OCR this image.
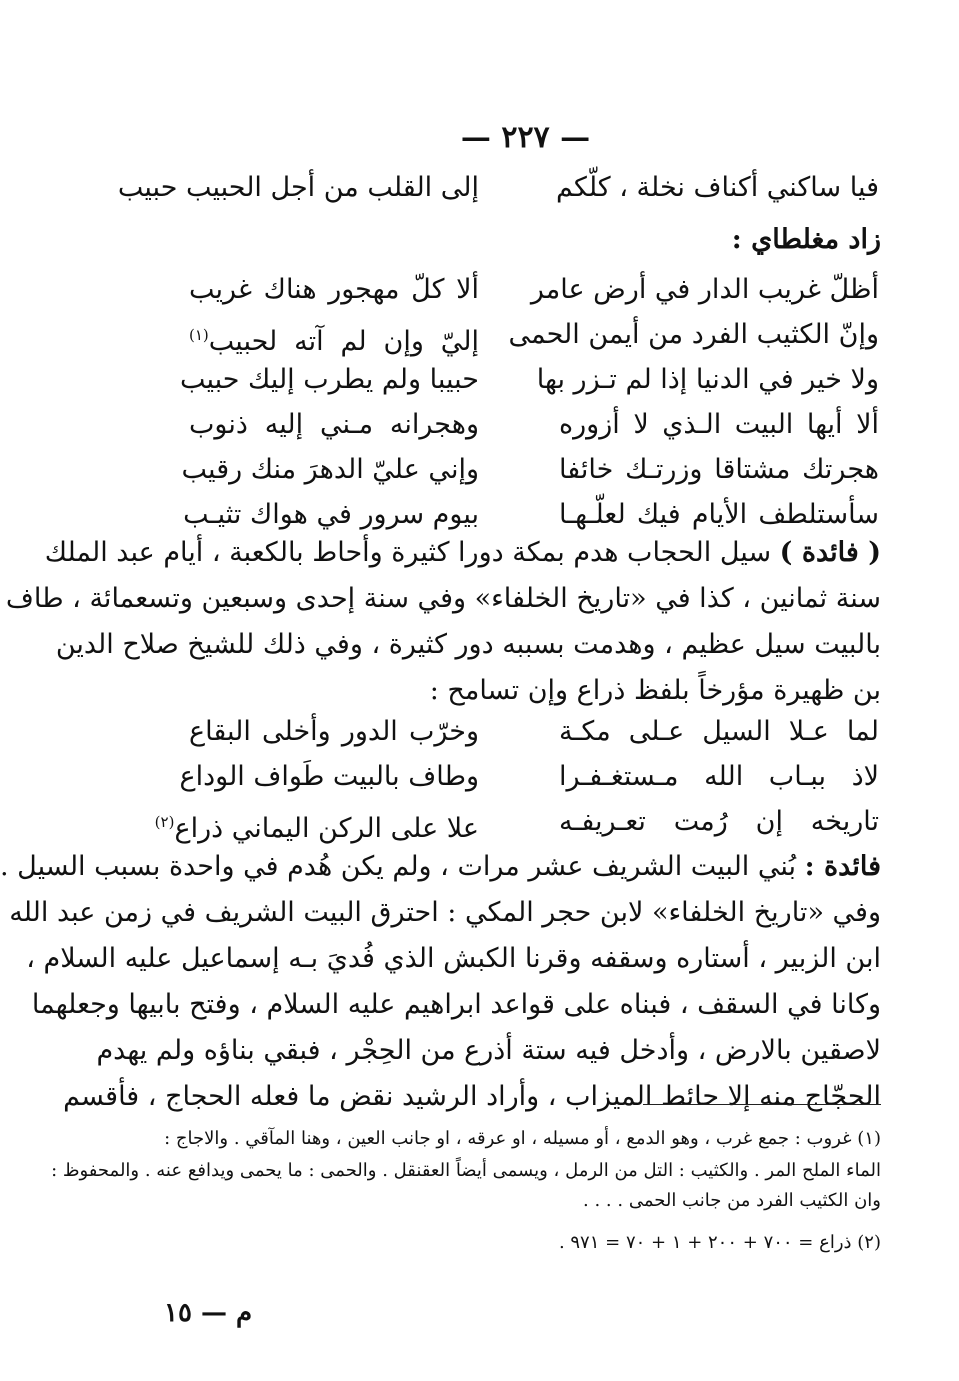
— ٢٢٧ —
فيا ساكني أكناف نخلة ، كلّكم
إلى القلب من أجل الحبيب حبيب
زاد مغلطاي :
أظلّ غريب الدار في أرض عامر
ألا كلّ مهجور هناك غريب
وإنّ الكثيب الفرد من أيمن الحمى
إليّ وإن لم آته لحبيب$^{(١)}$
ولا خير في الدنيا إذا لم تـزر بها
حبيبا ولم يطرب إليك حبيب
ألا أيها البيت الـذي لا أزوره
وهجرانه مـني إليه ذنوب
هجرتك مشتاقا وزرتـك خائفا
وإني عليّ الدهرَ منك رقيب
سأستلطف الأيام فيك لعلّـهـا
بيوم سرور في هواك تثيـب
( فائدة ) سيل الحجاب هدم بمكة دورا كثيرة وأحاط بالكعبة ، أيام عبد الملك
سنة ثمانين ، كذا في «تاريخ الخلفاء» وفي سنة إحدى وسبعين وتسعمائة ، طاف
بالبيت سيل عظيم ، وهدمت بسببه دور كثيرة ، وفي ذلك للشيخ صلاح الدين
بن ظهيرة مؤرخاً بلفظ ذراع وإن تسامح :
لما عـلا السيل عـلى مكـة
وخرّب الدور وأخلى البقاع
لاذ ببـاب الله مـستغـفـرا
وطاف بالبيت طَواف الوداع
تاريخه إن رُمت تعـريفـه
علا على الركن اليماني ذراع$^{(٢)}$
فائدة : بُني البيت الشريف عشر مرات ، ولم يكن هُدم في واحدة بسبب السيل .
وفي «تاريخ الخلفاء» لابن حجر المكي : احترق البيت الشريف في زمن عبد الله
ابن الزبير ، أستاره وسقفه وقرنا الكبش الذي فُديَ بـه إسماعيل عليه السلام ،
وكانا في السقف ، فبناه على قواعد ابراهيم عليه السلام ، وفتح بابيها وجعلهما
لاصقين بالارض ، وأدخل فيه ستة أذرع من الحِجْر ، فبقي بناؤه ولم يهدم
الحجّاج منه إلا حائط الميزاب ، وأراد الرشيد نقض ما فعله الحجاج ، فأقسم
(١) غروب : جمع غرب ، وهو الدمع ، أو مسيله ، او عرقه ، او جانب العين ، وهنا المآقي . والاجاج :
الماء الملح المر . والكثيب : التل من الرمل ، ويسمى أيضاً العقنقل . والحمى : ما يحمى ويدافع عنه . والمحفوظ :
وان الكثيب الفرد من جانب الحمى . . . .
(٢) ذراع = ٧٠٠ + ٢٠٠ + ١ + ٧٠ = ٩٧١ .
م — ١٥
